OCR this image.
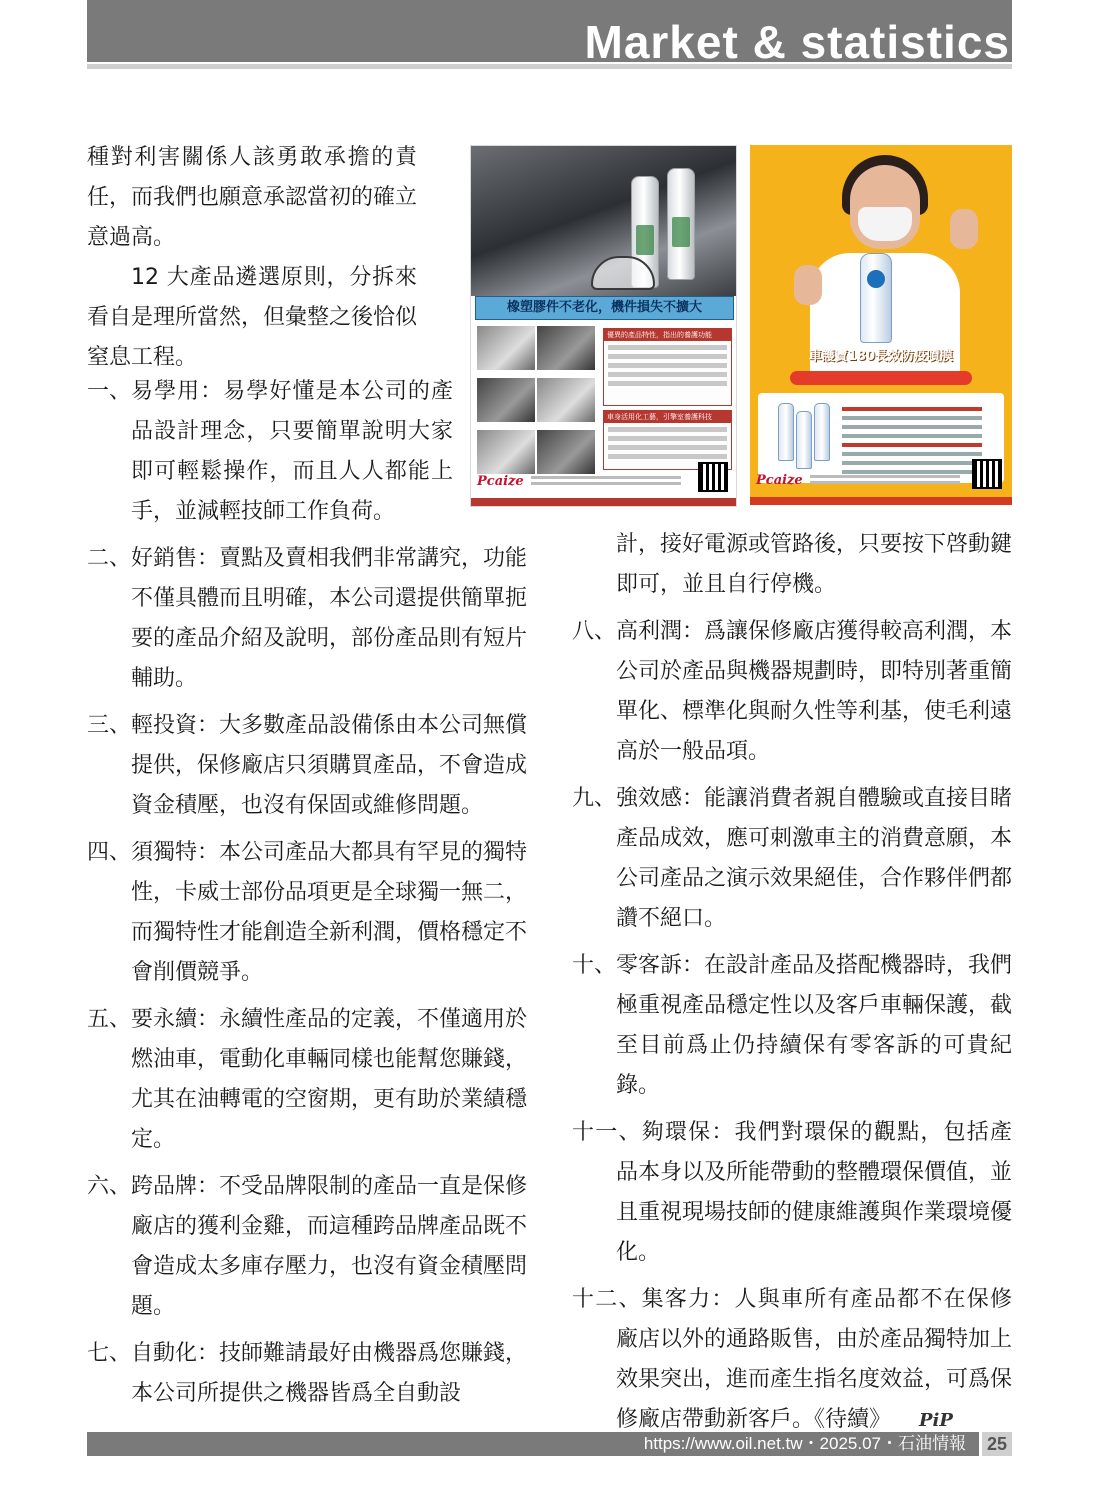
Market & statistics

種對利害關係人該勇敢承擔的責任，而我們也願意承認當初的確立意過高。

12 大產品遴選原則，分拆來看自是理所當然，但彙整之後恰似窒息工程。

一、 易學用：易學好懂是本公司的產品設計理念，只要簡單說明大家即可輕鬆操作，而且人人都能上手，並減輕技師工作負荷。
二、 好銷售：賣點及賣相我們非常講究，功能不僅具體而且明確，本公司還提供簡單扼要的產品介紹及說明，部份產品則有短片輔助。
三、 輕投資：大多數產品設備係由本公司無償提供，保修廠店只須購買產品，不會造成資金積壓，也沒有保固或維修問題。
四、 須獨特：本公司產品大都具有罕見的獨特性，卡威士部份品項更是全球獨一無二，而獨特性才能創造全新利潤，價格穩定不會削價競爭。
五、 要永續：永續性產品的定義，不僅適用於燃油車，電動化車輛同樣也能幫您賺錢，尤其在油轉電的空窗期，更有助於業績穩定。
六、 跨品牌：不受品牌限制的產品一直是保修廠店的獲利金雞，而這種跨品牌產品既不會造成太多庫存壓力，也沒有資金積壓問題。
七、 自動化：技師難請最好由機器爲您賺錢，本公司所提供之機器皆爲全自動設
計，接好電源或管路後，只要按下啓動鍵即可，並且自行停機。
八、 高利潤：爲讓保修廠店獲得較高利潤，本公司於產品與機器規劃時，即特別著重簡單化、標準化與耐久性等利基，使毛利遠高於一般品項。
九、 強效感：能讓消費者親自體驗或直接目睹產品成效，應可刺激車主的消費意願，本公司產品之演示效果絕佳，合作夥伴們都讚不絕口。
十、 零客訴：在設計產品及搭配機器時，我們極重視產品穩定性以及客戶車輛保護，截至目前爲止仍持續保有零客訴的可貴紀錄。
十一、夠環保：我們對環保的觀點，包括產品本身以及所能帶動的整體環保價值，並且重視現場技師的健康維護與作業環境優化。
十二、集客力：人與車所有產品都不在保修廠店以外的通路販售，由於產品獨特加上效果突出，進而產生指名度效益，可爲保修廠店帶動新客戶。《待續》 PiP
橡塑膠件不老化，機件損失不擴大

優異的產品特性，指出的養護功能
車身活用化工藝，引擎室養護科技
Pcaize
車護寶180長效防疫噴膜
Pcaize
https://www.oil.net.tw・2025.07・石油情報 25
